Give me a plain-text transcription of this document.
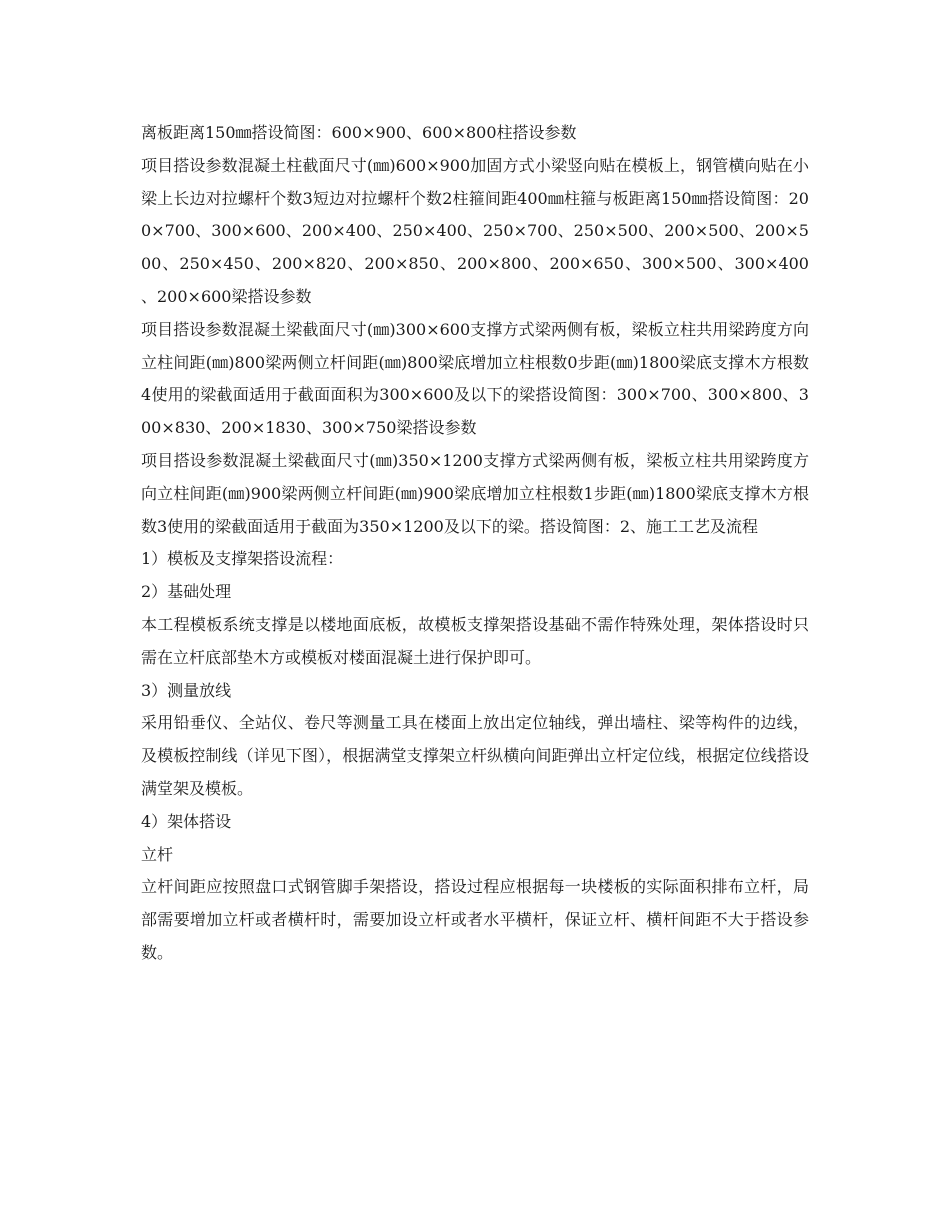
离板距离150㎜搭设简图：600×900、600×800柱搭设参数

项目搭设参数混凝土柱截面尺寸(㎜)600×900加固方式小梁竖向贴在模板上，钢管横向贴在小梁上长边对拉螺杆个数3短边对拉螺杆个数2柱箍间距400㎜柱箍与板距离150㎜搭设简图：200×700、300×600、200×400、250×400、250×700、250×500、200×500、200×500、250×450、200×820、200×850、200×800、200×650、300×500、300×400、200×600梁搭设参数

项目搭设参数混凝土梁截面尺寸(㎜)300×600支撑方式梁两侧有板，梁板立柱共用梁跨度方向立柱间距(㎜)800梁两侧立杆间距(㎜)800梁底增加立柱根数0步距(㎜)1800梁底支撑木方根数4使用的梁截面适用于截面面积为300×600及以下的梁搭设简图：300×700、300×800、300×830、200×1830、300×750梁搭设参数

项目搭设参数混凝土梁截面尺寸(㎜)350×1200支撑方式梁两侧有板，梁板立柱共用梁跨度方向立柱间距(㎜)900梁两侧立杆间距(㎜)900梁底增加立柱根数1步距(㎜)1800梁底支撑木方根数3使用的梁截面适用于截面为350×1200及以下的梁。搭设简图：2、施工工艺及流程

1）模板及支撑架搭设流程：

2）基础处理

本工程模板系统支撑是以楼地面底板，故模板支撑架搭设基础不需作特殊处理，架体搭设时只需在立杆底部垫木方或模板对楼面混凝土进行保护即可。

3）测量放线

采用铅垂仪、全站仪、卷尺等测量工具在楼面上放出定位轴线，弹出墙柱、梁等构件的边线，及模板控制线（详见下图），根据满堂支撑架立杆纵横向间距弹出立杆定位线，根据定位线搭设满堂架及模板。

4）架体搭设

立杆

立杆间距应按照盘口式钢管脚手架搭设，搭设过程应根据每一块楼板的实际面积排布立杆，局部需要增加立杆或者横杆时，需要加设立杆或者水平横杆，保证立杆、横杆间距不大于搭设参数。
